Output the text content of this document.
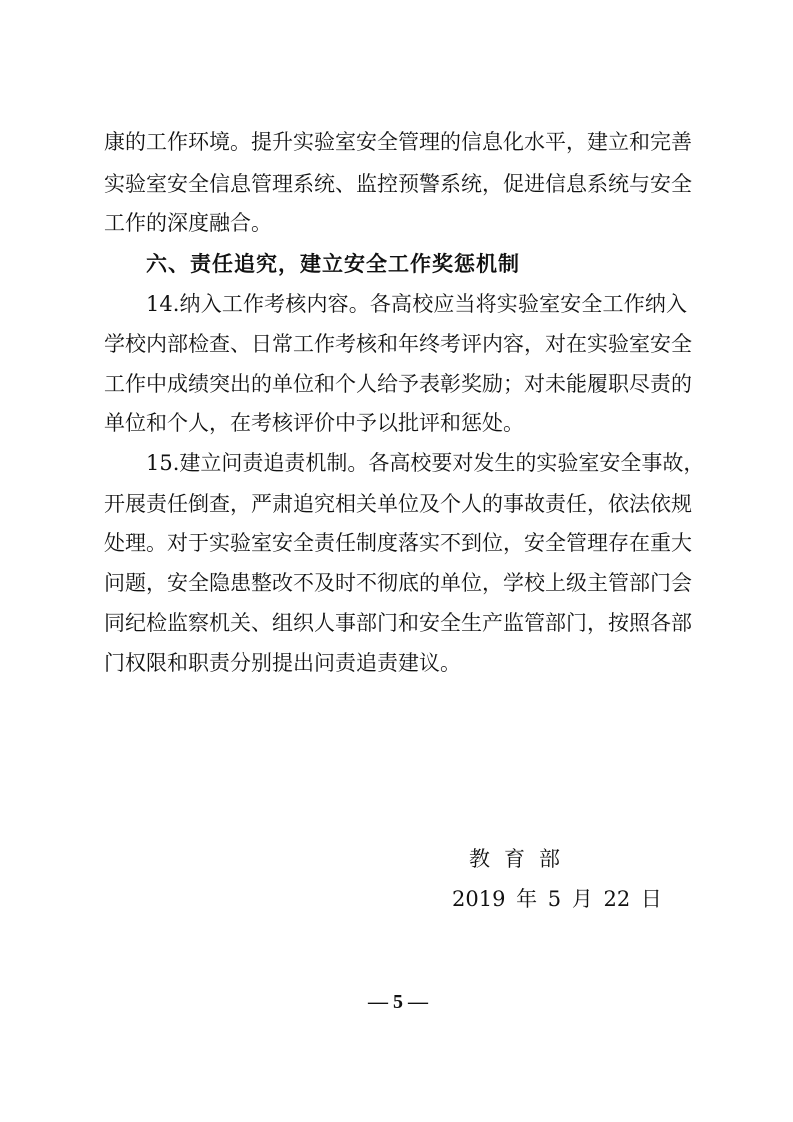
康的工作环境。提升实验室安全管理的信息化水平，建立和完善
实验室安全信息管理系统、监控预警系统，促进信息系统与安全
工作的深度融合。
六、责任追究，建立安全工作奖惩机制
14.纳入工作考核内容。各高校应当将实验室安全工作纳入
学校内部检查、日常工作考核和年终考评内容，对在实验室安全
工作中成绩突出的单位和个人给予表彰奖励；对未能履职尽责的
单位和个人，在考核评价中予以批评和惩处。
15.建立问责追责机制。各高校要对发生的实验室安全事故，
开展责任倒查，严肃追究相关单位及个人的事故责任，依法依规
处理。对于实验室安全责任制度落实不到位，安全管理存在重大
问题，安全隐患整改不及时不彻底的单位，学校上级主管部门会
同纪检监察机关、组织人事部门和安全生产监管部门，按照各部
门权限和职责分别提出问责追责建议。
教育部
2019 年 5 月 22 日
— 5 —
